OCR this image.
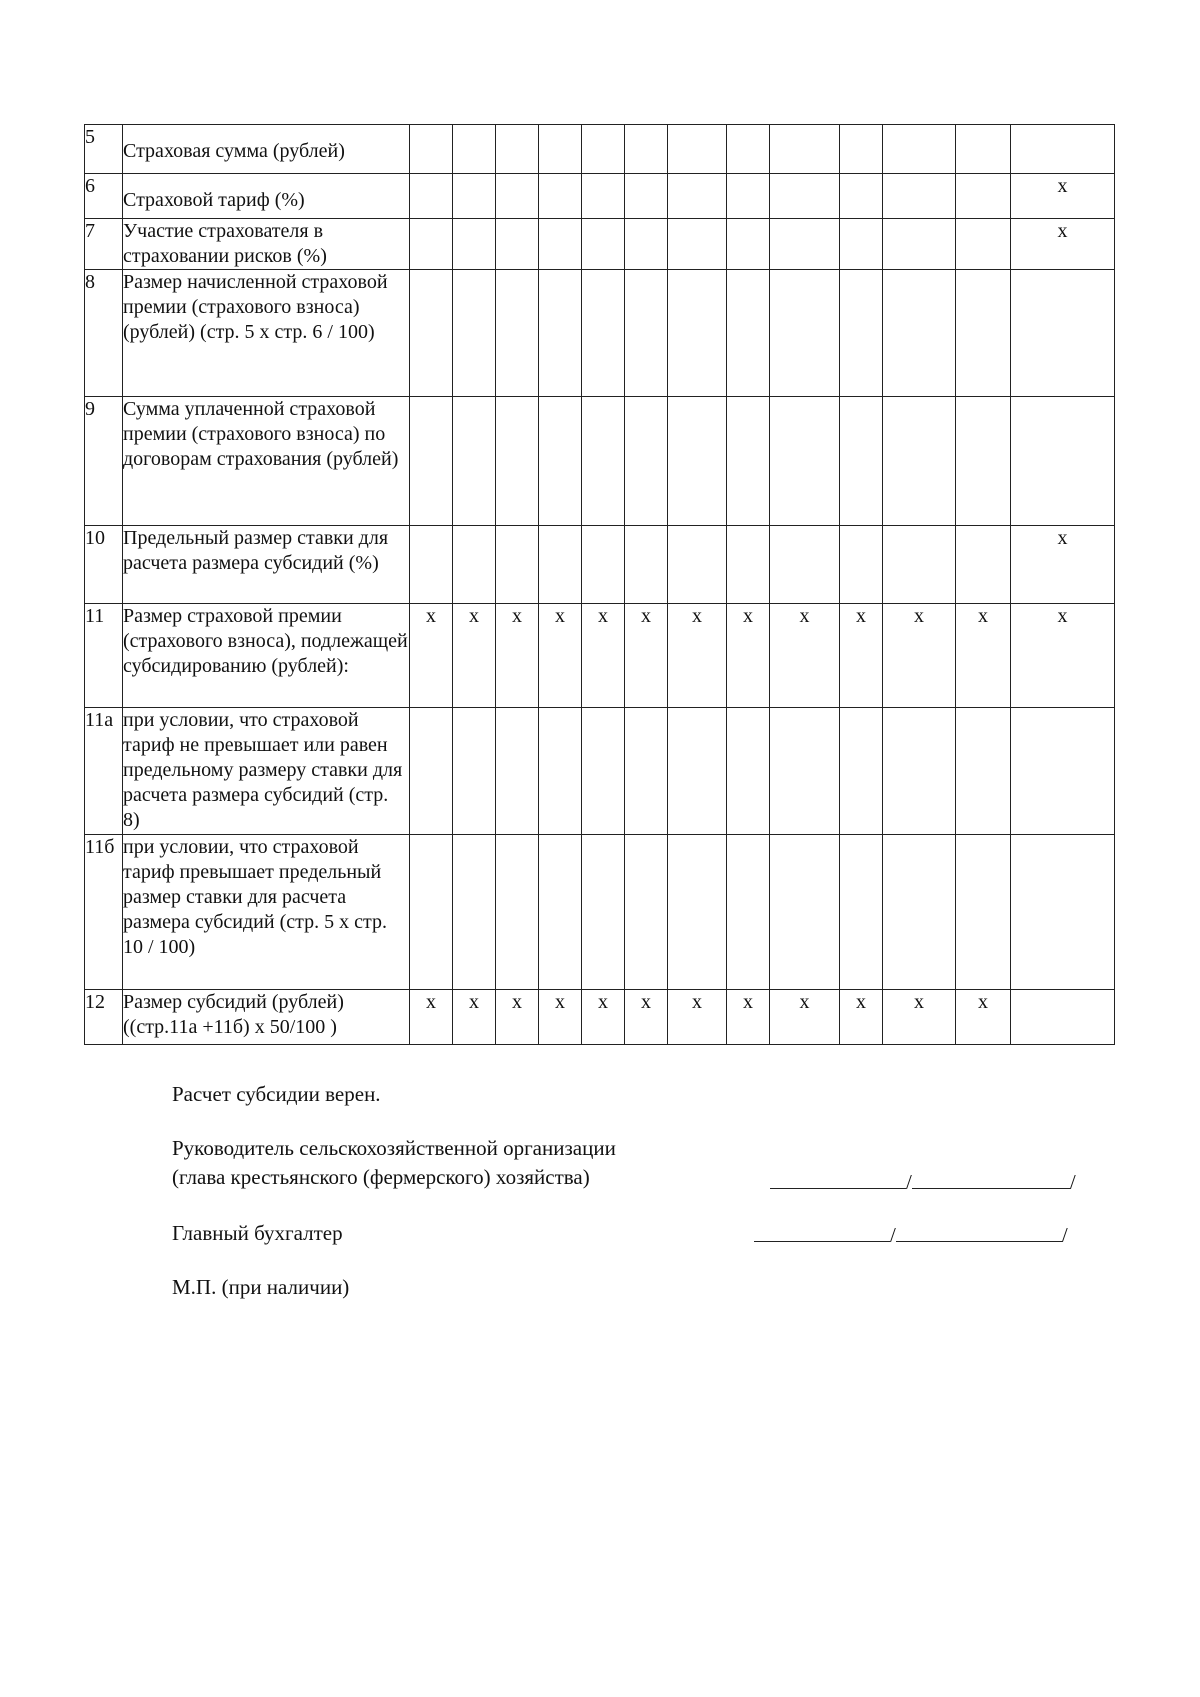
5	Страховая сумма (рублей)													
6	Страховой тариф (%)													x
7	Участие страхователя в страховании рисков (%)													x
8	Размер начисленной страховой премии (страхового взноса) (рублей) (стр. 5 х стр. 6 / 100)													
9	Сумма уплаченной страховой премии (страхового взноса) по договорам страхования (рублей)													
10	Предельный размер ставки для расчета размера субсидий (%)													x
11	Размер страховой премии (страхового взноса), подлежащей субсидированию (рублей):	x	x	x	x	x	x	x	x	x	x	x	x	x
11а	при условии, что страховой тариф не превышает или равен предельному размеру ставки для расчета размера субсидий (стр. 8)													
11б	при условии, что страховой тариф превышает предельный размер ставки для расчета размера субсидий (стр. 5 х стр. 10 / 100)													
12	Размер субсидий (рублей) ((стр.11а +11б) х 50/100 )	x	x	x	x	x	x	x	x	x	x	x	x	
Расчет субсидии верен.
Руководитель сельскохозяйственной организации
(глава крестьянского (фермерского) хозяйства)	/	/
Главный бухгалтер	/	/
М.П. (при наличии)
